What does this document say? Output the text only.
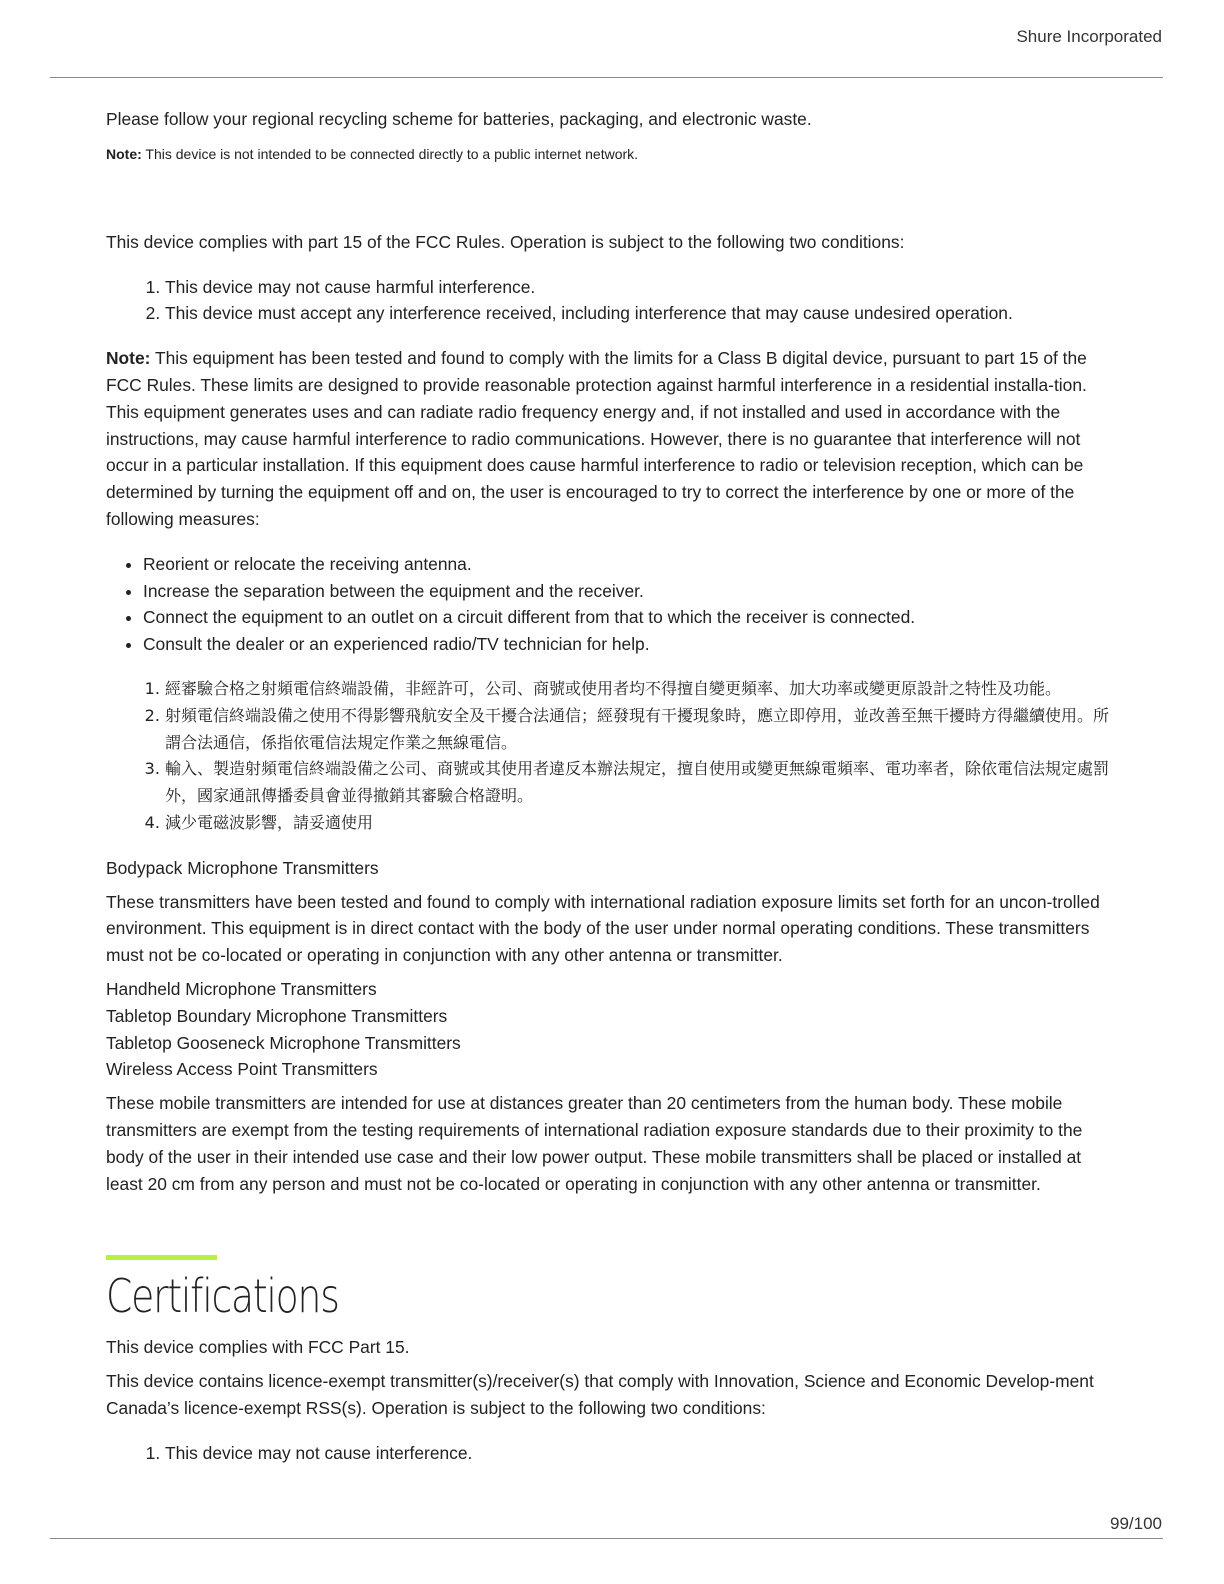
Shure Incorporated

Please follow your regional recycling scheme for batteries, packaging, and electronic waste.

Note: This device is not intended to be connected directly to a public internet network.

This device complies with part 15 of the FCC Rules. Operation is subject to the following two conditions:

1. This device may not cause harmful interference.
2. This device must accept any interference received, including interference that may cause undesired operation.

Note: This equipment has been tested and found to comply with the limits for a Class B digital device, pursuant to part 15 of the FCC Rules. These limits are designed to provide reasonable protection against harmful interference in a residential installa-tion. This equipment generates uses and can radiate radio frequency energy and, if not installed and used in accordance with the instructions, may cause harmful interference to radio communications. However, there is no guarantee that interference will not occur in a particular installation. If this equipment does cause harmful interference to radio or television reception, which can be determined by turning the equipment off and on, the user is encouraged to try to correct the interference by one or more of the following measures:

• Reorient or relocate the receiving antenna.
• Increase the separation between the equipment and the receiver.
• Connect the equipment to an outlet on a circuit different from that to which the receiver is connected.
• Consult the dealer or an experienced radio/TV technician for help.
1. 經審驗合格之射頻電信終端設備，非經許可，公司、商號或使用者均不得擅自變更頻率、加大功率或變更原設計之特性及功能。
2. 射頻電信終端設備之使用不得影響飛航安全及干擾合法通信；經發現有干擾現象時，應立即停用，並改善至無干擾時方得繼續使用。所謂合法通信，係指依電信法規定作業之無線電信。
3. 輸入、製造射頻電信終端設備之公司、商號或其使用者違反本辦法規定，擅自使用或變更無線電頻率、電功率者，除依電信法規定處罰外，國家通訊傳播委員會並得撤銷其審驗合格證明。
4. 減少電磁波影響，請妥適使用

Bodypack Microphone Transmitters

These transmitters have been tested and found to comply with international radiation exposure limits set forth for an uncon-trolled environment. This equipment is in direct contact with the body of the user under normal operating conditions. These transmitters must not be co-located or operating in conjunction with any other antenna or transmitter.

Handheld Microphone Transmitters
Tabletop Boundary Microphone Transmitters
Tabletop Gooseneck Microphone Transmitters
Wireless Access Point Transmitters

These mobile transmitters are intended for use at distances greater than 20 centimeters from the human body. These mobile transmitters are exempt from the testing requirements of international radiation exposure standards due to their proximity to the body of the user in their intended use case and their low power output. These mobile transmitters shall be placed or installed at least 20 cm from any person and must not be co-located or operating in conjunction with any other antenna or transmitter.

Certifications

This device complies with FCC Part 15.

This device contains licence-exempt transmitter(s)/receiver(s) that comply with Innovation, Science and Economic Develop-ment Canada’s licence-exempt RSS(s). Operation is subject to the following two conditions:

1. This device may not cause interference.
99/100
